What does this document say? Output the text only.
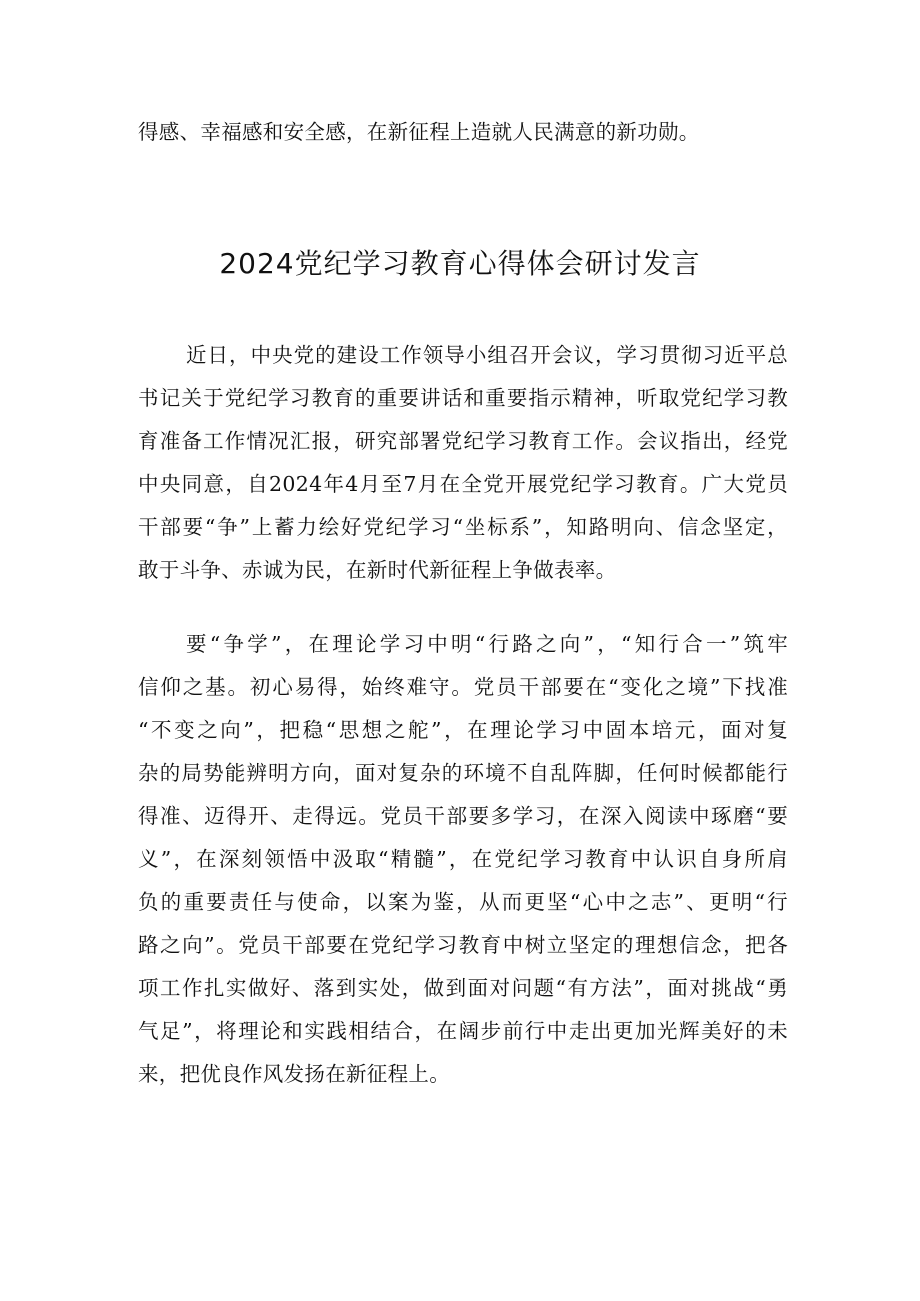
得感、幸福感和安全感，在新征程上造就人民满意的新功勋。
2024党纪学习教育心得体会研讨发言
近日，中央党的建设工作领导小组召开会议，学习贯彻习近平总
书记关于党纪学习教育的重要讲话和重要指示精神，听取党纪学习教
育准备工作情况汇报，研究部署党纪学习教育工作。会议指出，经党
中央同意，自2024年4月至7月在全党开展党纪学习教育。广大党员
干部要“争”上蓄力绘好党纪学习“坐标系”，知路明向、信念坚定，
敢于斗争、赤诚为民，在新时代新征程上争做表率。
要“争学”，在理论学习中明“行路之向”，“知行合一”筑牢
信仰之基。初心易得，始终难守。党员干部要在“变化之境”下找准
“不变之向”，把稳“思想之舵”，在理论学习中固本培元，面对复
杂的局势能辨明方向，面对复杂的环境不自乱阵脚，任何时候都能行
得准、迈得开、走得远。党员干部要多学习，在深入阅读中琢磨“要
义”，在深刻领悟中汲取“精髓”，在党纪学习教育中认识自身所肩
负的重要责任与使命，以案为鉴，从而更坚“心中之志”、更明“行
路之向”。党员干部要在党纪学习教育中树立坚定的理想信念，把各
项工作扎实做好、落到实处，做到面对问题“有方法”，面对挑战“勇
气足”，将理论和实践相结合，在阔步前行中走出更加光辉美好的未
来，把优良作风发扬在新征程上。
